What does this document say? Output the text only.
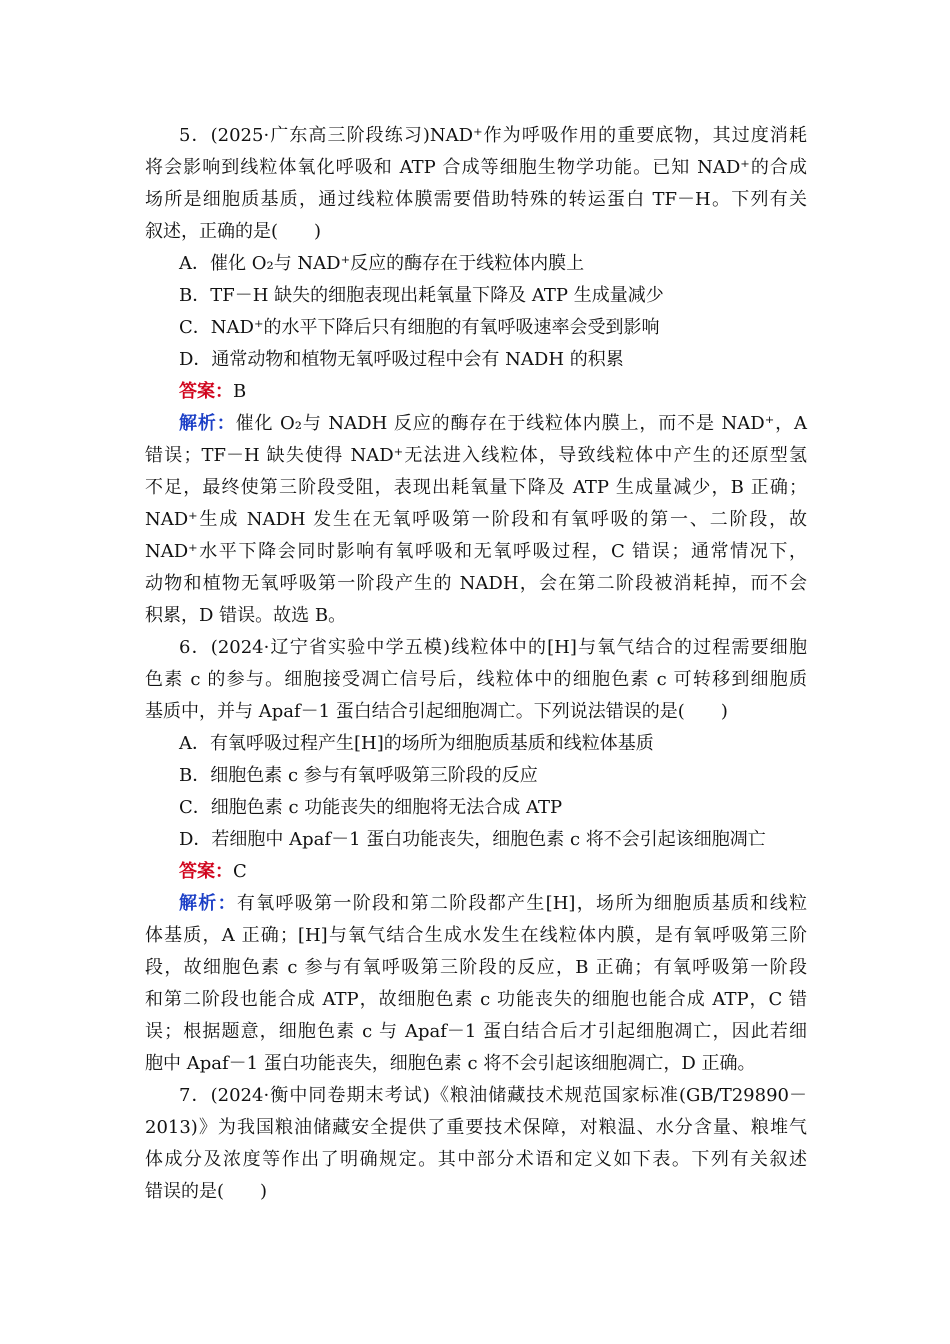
5．(2025·广东高三阶段练习)NAD⁺作为呼吸作用的重要底物，其过度消耗
将会影响到线粒体氧化呼吸和 ATP 合成等细胞生物学功能。已知 NAD⁺的合成
场所是细胞质基质，通过线粒体膜需要借助特殊的转运蛋白 TF－H。下列有关
叙述，正确的是(　　)
A．催化 O₂与 NAD⁺反应的酶存在于线粒体内膜上
B．TF－H 缺失的细胞表现出耗氧量下降及 ATP 生成量减少
C．NAD⁺的水平下降后只有细胞的有氧呼吸速率会受到影响
D．通常动物和植物无氧呼吸过程中会有 NADH 的积累
答案：B
解析：催化 O₂与 NADH 反应的酶存在于线粒体内膜上，而不是 NAD⁺，A
错误；TF－H 缺失使得 NAD⁺无法进入线粒体，导致线粒体中产生的还原型氢
不足，最终使第三阶段受阻，表现出耗氧量下降及 ATP 生成量减少，B 正确；
NAD⁺生成 NADH 发生在无氧呼吸第一阶段和有氧呼吸的第一、二阶段，故
NAD⁺水平下降会同时影响有氧呼吸和无氧呼吸过程，C 错误；通常情况下，
动物和植物无氧呼吸第一阶段产生的 NADH，会在第二阶段被消耗掉，而不会
积累，D 错误。故选 B。
6．(2024·辽宁省实验中学五模)线粒体中的[H]与氧气结合的过程需要细胞
色素 c 的参与。细胞接受凋亡信号后，线粒体中的细胞色素 c 可转移到细胞质
基质中，并与 Apaf－1 蛋白结合引起细胞凋亡。下列说法错误的是(　　)
A．有氧呼吸过程产生[H]的场所为细胞质基质和线粒体基质
B．细胞色素 c 参与有氧呼吸第三阶段的反应
C．细胞色素 c 功能丧失的细胞将无法合成 ATP
D．若细胞中 Apaf－1 蛋白功能丧失，细胞色素 c 将不会引起该细胞凋亡
答案：C
解析：有氧呼吸第一阶段和第二阶段都产生[H]，场所为细胞质基质和线粒
体基质，A 正确；[H]与氧气结合生成水发生在线粒体内膜，是有氧呼吸第三阶
段，故细胞色素 c 参与有氧呼吸第三阶段的反应，B 正确；有氧呼吸第一阶段
和第二阶段也能合成 ATP，故细胞色素 c 功能丧失的细胞也能合成 ATP，C 错
误；根据题意，细胞色素 c 与 Apaf－1 蛋白结合后才引起细胞凋亡，因此若细
胞中 Apaf－1 蛋白功能丧失，细胞色素 c 将不会引起该细胞凋亡，D 正确。
7．(2024·衡中同卷期末考试)《粮油储藏技术规范国家标准(GB/T29890－
2013)》为我国粮油储藏安全提供了重要技术保障，对粮温、水分含量、粮堆气
体成分及浓度等作出了明确规定。其中部分术语和定义如下表。下列有关叙述
错误的是(　　)
